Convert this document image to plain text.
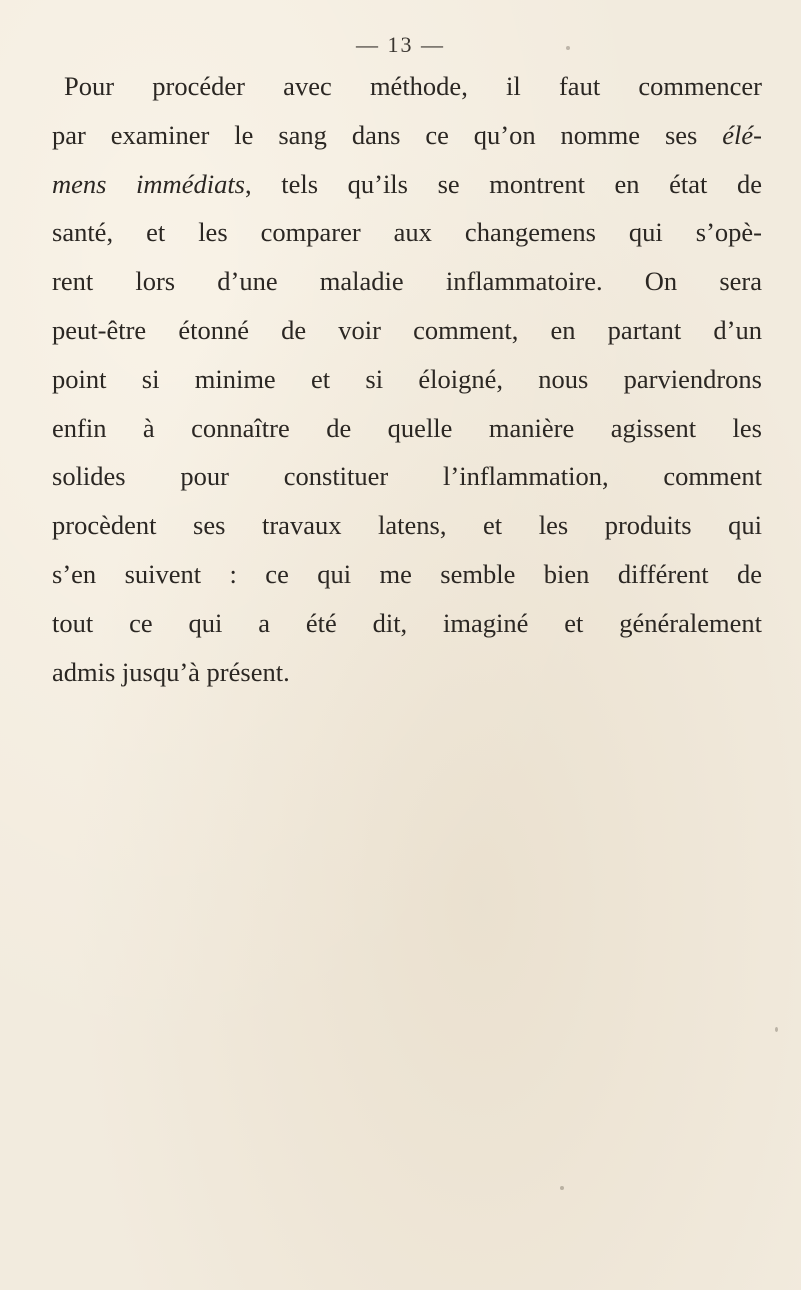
— 13 —
Pour procéder avec méthode, il faut commencer
par examiner le sang dans ce qu’on nomme ses élé-
mens immédiats, tels qu’ils se montrent en état de
santé, et les comparer aux changemens qui s’opè-
rent lors d’une maladie inflammatoire. On sera
peut-être étonné de voir comment, en partant d’un
point si minime et si éloigné, nous parviendrons
enfin à connaître de quelle manière agissent les
solides pour constituer l’inflammation, comment
procèdent ses travaux latens, et les produits qui
s’en suivent : ce qui me semble bien différent de
tout ce qui a été dit, imaginé et généralement
admis jusqu’à présent.
